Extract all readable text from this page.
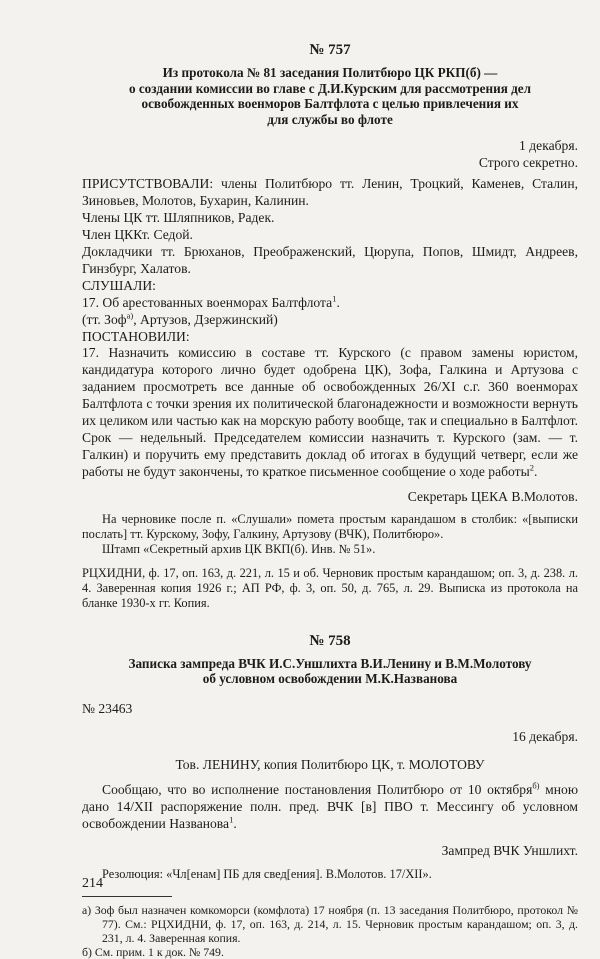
№ 757
Из протокола № 81 заседания Политбюро ЦК РКП(б) —
о создании комиссии во главе с Д.И.Курским для рассмотрения дел
освобожденных военморов Балтфлота с целью привлечения их
для службы во флоте
1 декабря.
Строго секретно.

ПРИСУТСТВОВАЛИ: члены Политбюро тт. Ленин, Троцкий, Каменев, Сталин, Зиновьев, Молотов, Бухарин, Калинин.

Члены ЦК тт. Шляпников, Радек.

Член ЦККт. Седой.

Докладчики тт. Брюханов, Преображенский, Цюрупа, Попов, Шмидт, Андреев, Гинзбург, Халатов.

СЛУШАЛИ:

17. Об арестованных военморах Балтфлота$^1$.

(тт. Зоф$^{а)}$, Артузов, Дзержинский)

ПОСТАНОВИЛИ:

17. Назначить комиссию в составе тт. Курского (с правом замены юристом, кандидатура которого лично будет одобрена ЦК), Зофа, Галкина и Артузова с заданием просмотреть все данные об освобожденных 26/XI с.г. 360 военморах Балтфлота с точки зрения их политической благонадежности и возможности вернуть их целиком или частью как на морскую работу вообще, так и специально в Балтфлот. Срок — недельный. Председателем комиссии назначить т. Курского (зам. — т. Галкин) и поручить ему представить доклад об итогах в будущий четверг, если же работы не будут закончены, то краткое письменное сообщение о ходе работы$^2$.

Секретарь ЦЕКА В.Молотов.

На черновике после п. «Слушали» помета простым карандашом в столбик: «[выписки послать] тт. Курскому, Зофу, Галкину, Артузову (ВЧК), Политбюро».

Штамп «Секретный архив ЦК ВКП(б). Инв. № 51».

РЦХИДНИ, ф. 17, оп. 163, д. 221, л. 15 и об. Черновик простым карандашом; оп. 3, д. 238. л. 4. Заверенная копия 1926 г.; АП РФ, ф. 3, оп. 50, д. 765, л. 29. Выписка из протокола на бланке 1930-х гг. Копия.

№ 758
Записка зампреда ВЧК И.С.Уншлихта В.И.Ленину и В.М.Молотову
об условном освобождении М.К.Названова
№ 23463
16 декабря.
Тов. ЛЕНИНУ, копия Политбюро ЦК, т. МОЛОТОВУ

Сообщаю, что во исполнение постановления Политбюро от 10 октября$^{б)}$ мною дано 14/XII распоряжение полн. пред. ВЧК [в] ПВО т. Мессингу об условном освобождении Названова$^1$.

Зампред ВЧК Уншлихт.

Резолюция: «Чл[енам] ПБ для свед[ения]. В.Молотов. 17/XII».

а) Зоф был назначен комкоморси (комфлота) 17 ноября (п. 13 заседания Политбюро, протокол № 77). См.: РЦХИДНИ, ф. 17, оп. 163, д. 214, л. 15. Черновик простым карандашом; оп. 3, д. 231, л. 4. Заверенная копия.

б) См. прим. 1 к док. № 749.

214
